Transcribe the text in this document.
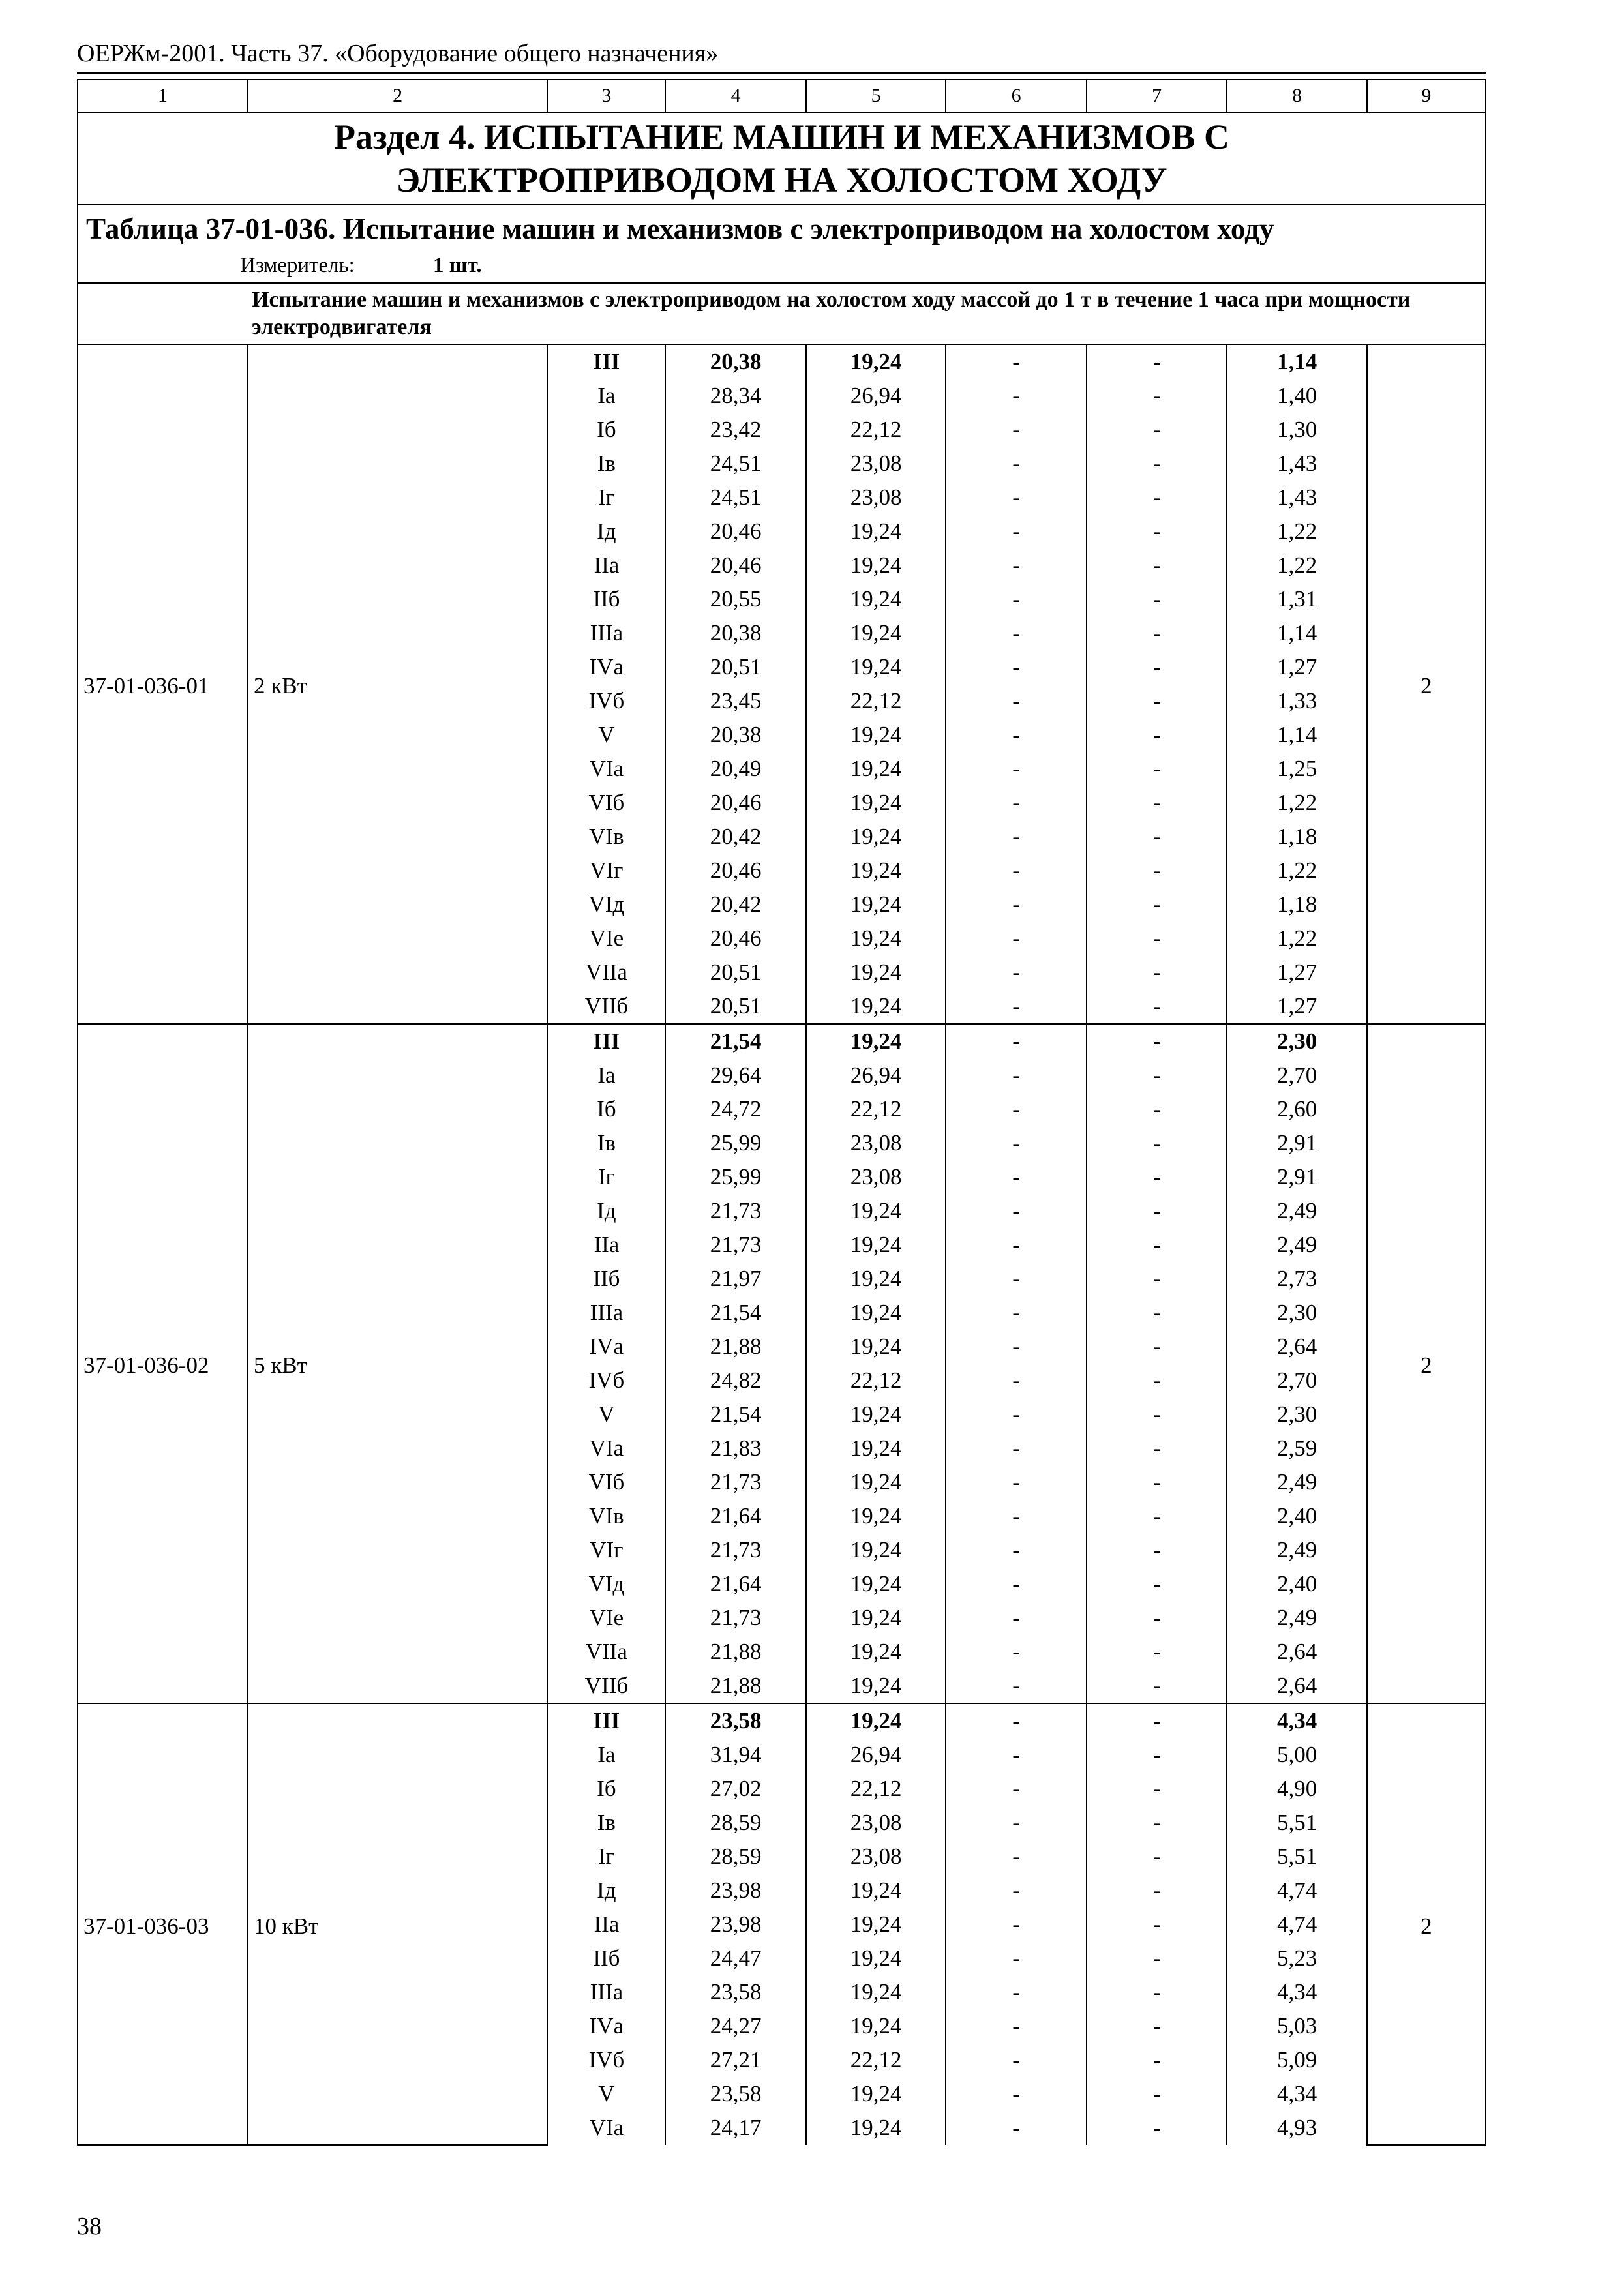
ОЕРЖм-2001. Часть 37. «Оборудование общего назначения»
1	2	3	4	5	6	7	8	9

Раздел 4. ИСПЫТАНИЕ МАШИН И МЕХАНИЗМОВ С
ЭЛЕКТРОПРИВОДОМ НА ХОЛОСТОМ ХОДУ								

Таблица 37-01-036. Испытание машин и механизмов с электроприводом на холостом ходу								
Измеритель: 1 шт.								

Испытание машин и механизмов с электроприводом на холостом ходу массой до 1 т в течение 1 часа при мощности электродвигателя								

37-01-036-01	2 кВт	III	20,38	19,24	-	-	1,14	2
		Iа	28,34	26,94	-	-	1,40	
		Iб	23,42	22,12	-	-	1,30	
		Iв	24,51	23,08	-	-	1,43	
		Iг	24,51	23,08	-	-	1,43	
		Iд	20,46	19,24	-	-	1,22	
		IIа	20,46	19,24	-	-	1,22	
		IIб	20,55	19,24	-	-	1,31	
		IIIа	20,38	19,24	-	-	1,14	
		IVа	20,51	19,24	-	-	1,27	
		IVб	23,45	22,12	-	-	1,33	
		V	20,38	19,24	-	-	1,14	
		VIа	20,49	19,24	-	-	1,25	
		VIб	20,46	19,24	-	-	1,22	
		VIв	20,42	19,24	-	-	1,18	
		VIг	20,46	19,24	-	-	1,22	
		VIд	20,42	19,24	-	-	1,18	
		VIе	20,46	19,24	-	-	1,22	
		VIIа	20,51	19,24	-	-	1,27	
		VIIб	20,51	19,24	-	-	1,27	
37-01-036-02	5 кВт	III	21,54	19,24	-	-	2,30	2
		Iа	29,64	26,94	-	-	2,70	
		Iб	24,72	22,12	-	-	2,60	
		Iв	25,99	23,08	-	-	2,91	
		Iг	25,99	23,08	-	-	2,91	
		Iд	21,73	19,24	-	-	2,49	
		IIа	21,73	19,24	-	-	2,49	
		IIб	21,97	19,24	-	-	2,73	
		IIIа	21,54	19,24	-	-	2,30	
		IVа	21,88	19,24	-	-	2,64	
		IVб	24,82	22,12	-	-	2,70	
		V	21,54	19,24	-	-	2,30	
		VIа	21,83	19,24	-	-	2,59	
		VIб	21,73	19,24	-	-	2,49	
		VIв	21,64	19,24	-	-	2,40	
		VIг	21,73	19,24	-	-	2,49	
		VIд	21,64	19,24	-	-	2,40	
		VIе	21,73	19,24	-	-	2,49	
		VIIа	21,88	19,24	-	-	2,64	
		VIIб	21,88	19,24	-	-	2,64	
37-01-036-03	10 кВт	III	23,58	19,24	-	-	4,34	2
		Iа	31,94	26,94	-	-	5,00	
		Iб	27,02	22,12	-	-	4,90	
		Iв	28,59	23,08	-	-	5,51	
		Iг	28,59	23,08	-	-	5,51	
		Iд	23,98	19,24	-	-	4,74	
		IIа	23,98	19,24	-	-	4,74	
		IIб	24,47	19,24	-	-	5,23	
		IIIа	23,58	19,24	-	-	4,34	
		IVа	24,27	19,24	-	-	5,03	
		IVб	27,21	22,12	-	-	5,09	
		V	23,58	19,24	-	-	4,34	
		VIа	24,17	19,24	-	-	4,93	
38
